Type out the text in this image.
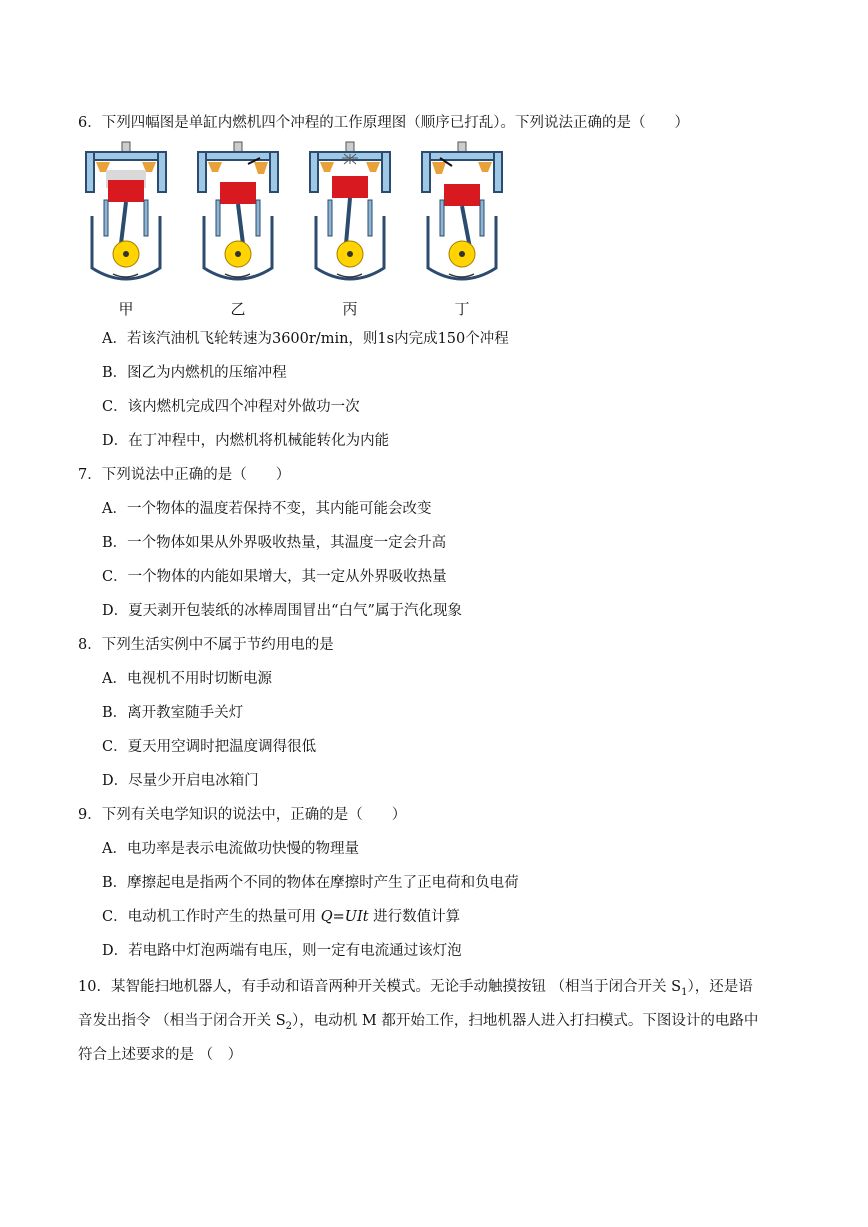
6．下列四幅图是单缸内燃机四个冲程的工作原理图（顺序已打乱）。下列说法正确的是（　　）
甲	乙	丙	丁
A．若该汽油机飞轮转速为3600r/min，则1s内完成150个冲程
B．图乙为内燃机的压缩冲程
C．该内燃机完成四个冲程对外做功一次
D．在丁冲程中，内燃机将机械能转化为内能
7．下列说法中正确的是（　　）
A．一个物体的温度若保持不变，其内能可能会改变
B．一个物体如果从外界吸收热量，其温度一定会升高
C．一个物体的内能如果增大，其一定从外界吸收热量
D．夏天剥开包装纸的冰棒周围冒出“白气”属于汽化现象
8．下列生活实例中不属于节约用电的是
A．电视机不用时切断电源
B．离开教室随手关灯
C．夏天用空调时把温度调得很低
D．尽量少开启电冰箱门
9．下列有关电学知识的说法中，正确的是（　　）
A．电功率是表示电流做功快慢的物理量
B．摩擦起电是指两个不同的物体在摩擦时产生了正电荷和负电荷
C．电动机工作时产生的热量可用 Q=UIt 进行数值计算
D．若电路中灯泡两端有电压，则一定有电流通过该灯泡
10．某智能扫地机器人，有手动和语音两种开关模式。无论手动触摸按钮 （相当于闭合开关 $S_1$），还是语
音发出指令 （相当于闭合开关 $S_2$），电动机 M 都开始工作，扫地机器人进入打扫模式。下图设计的电路中
符合上述要求的是 （　）
